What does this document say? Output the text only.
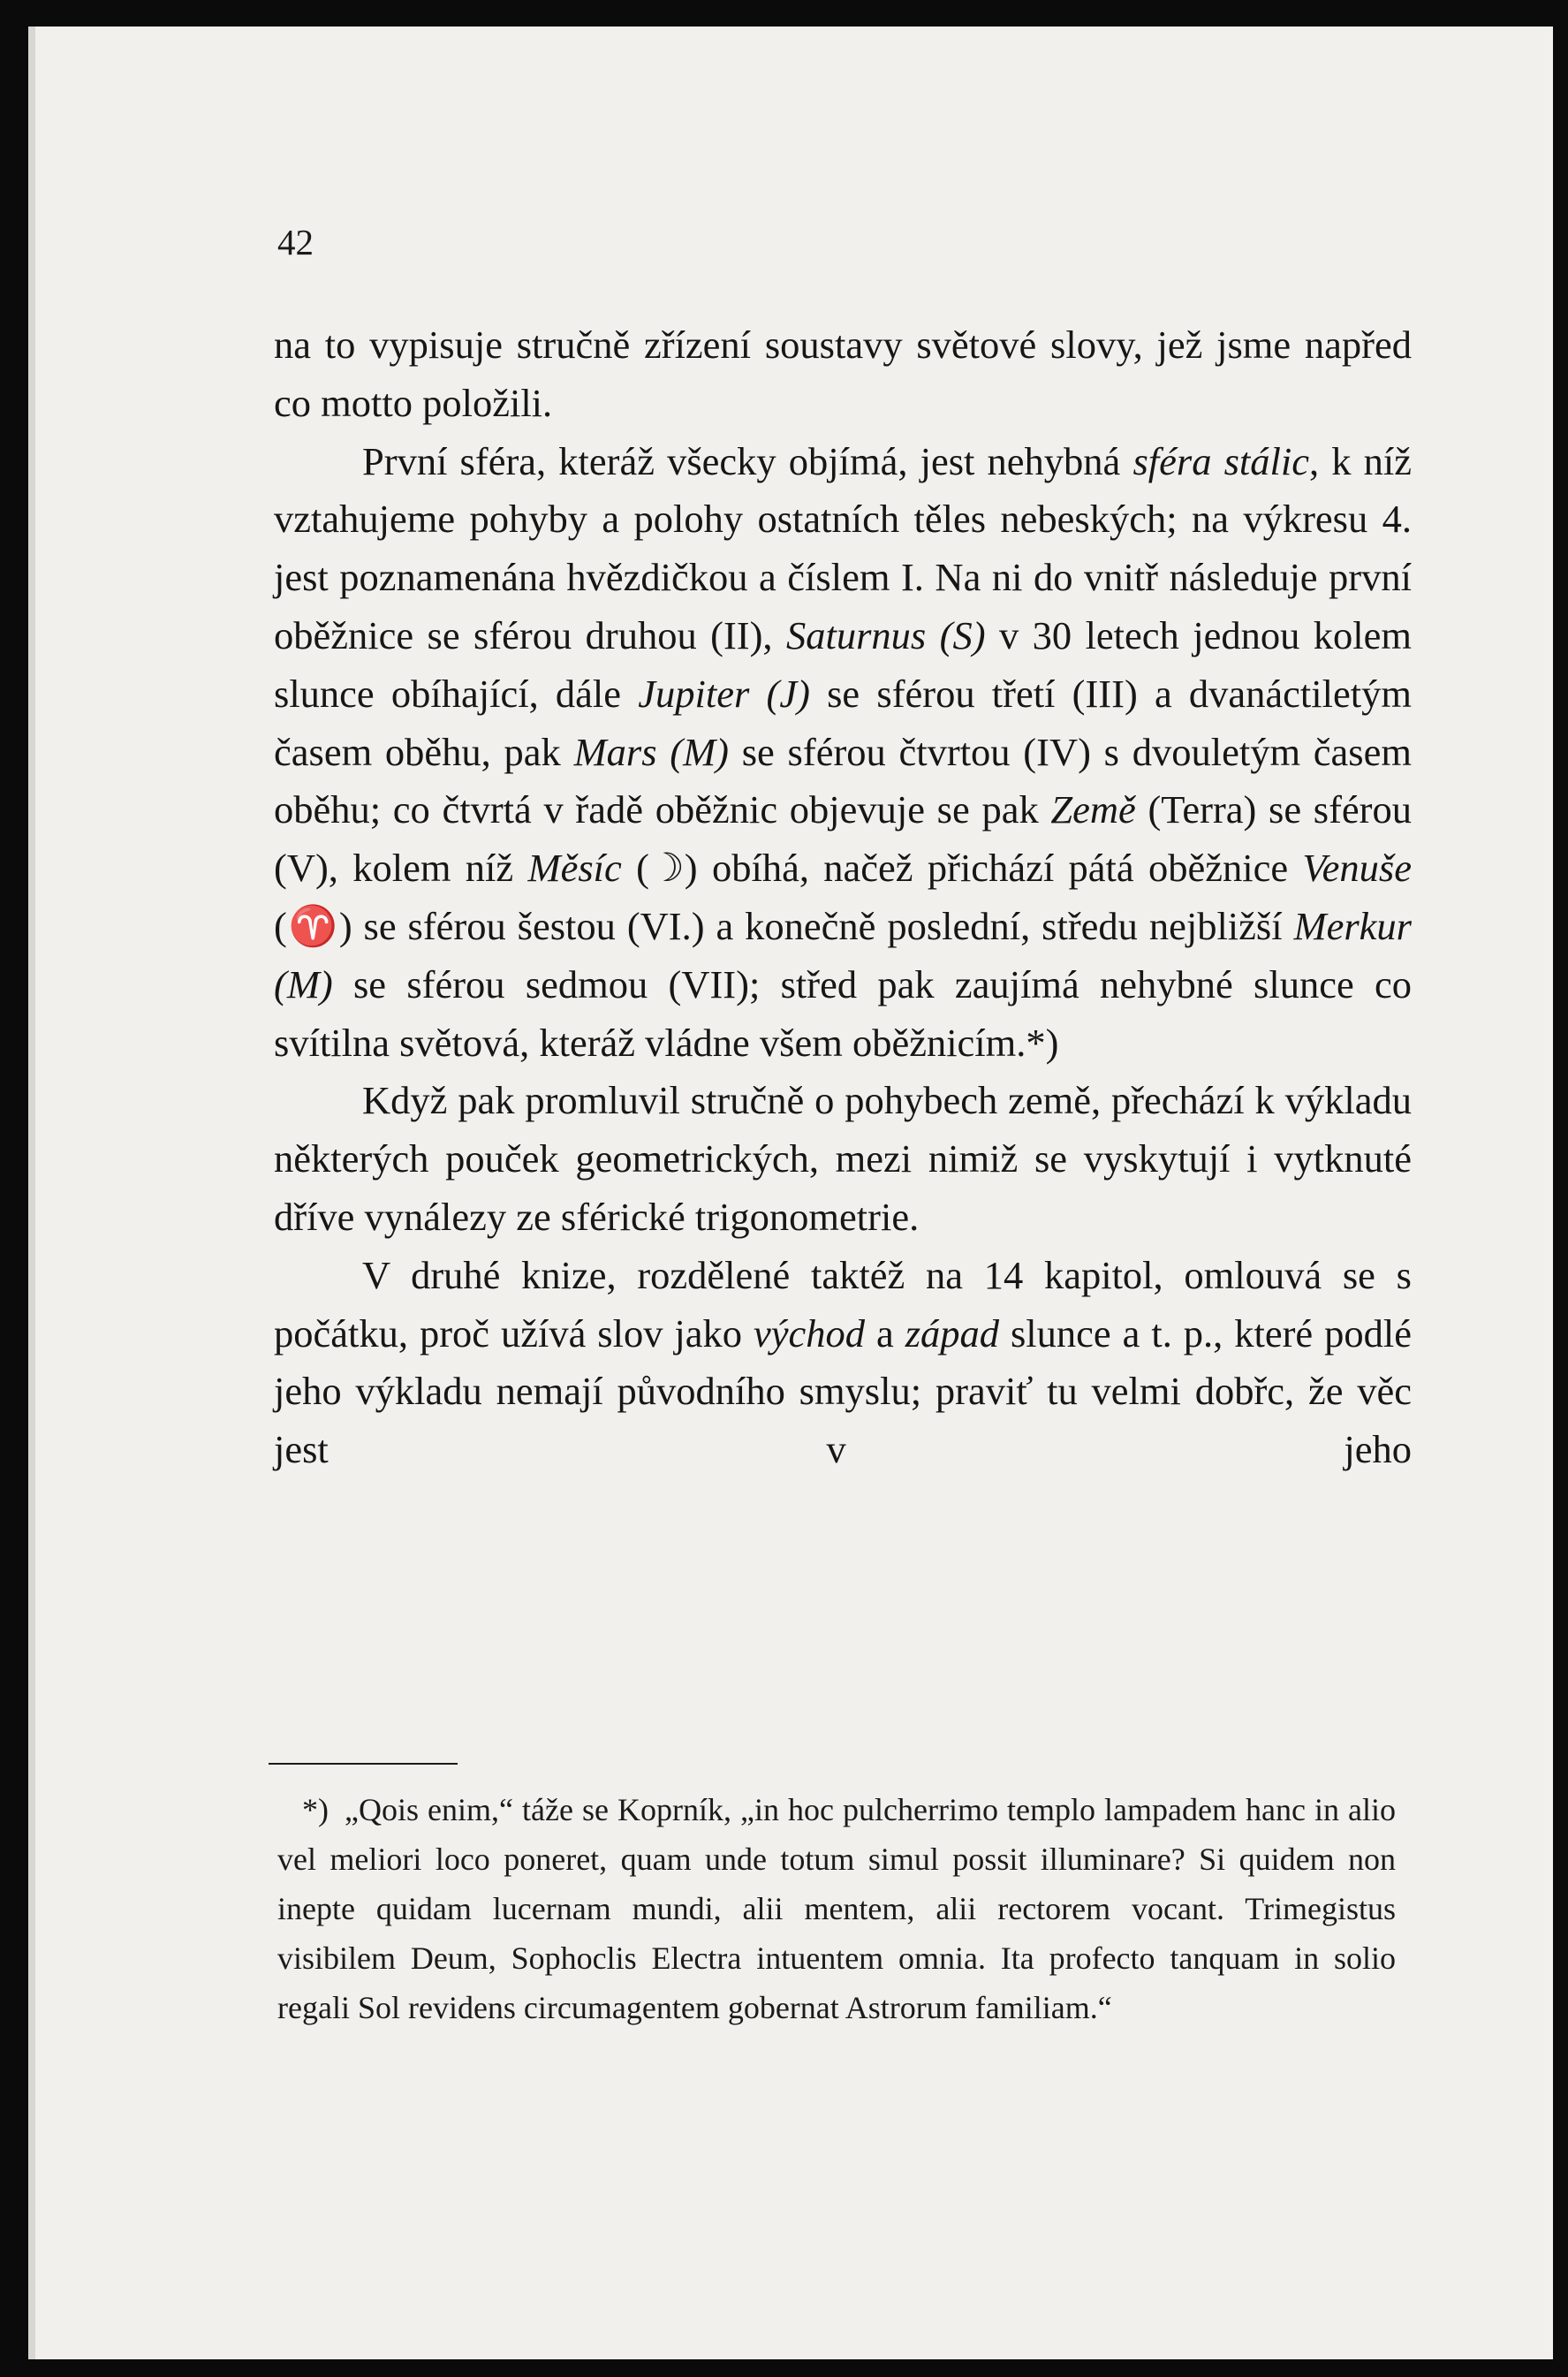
42

na to vypisuje stručně zřízení soustavy světové slovy, jež jsme napřed co motto položili.

První sféra, kteráž všecky objímá, jest nehybná sféra stálic, k níž vztahujeme pohyby a polohy ostatních těles nebeských; na výkresu 4. jest poznamenána hvězdičkou a číslem I. Na ni do vnitř následuje první oběžnice se sférou druhou (II), Saturnus (S) v 30 letech jednou kolem slunce obíhající, dále Jupiter (J) se sférou třetí (III) a dvanáctiletým časem oběhu, pak Mars (M) se sférou čtvrtou (IV) s dvouletým časem oběhu; co čtvrtá v řadě oběžnic objevuje se pak Země (Terra) se sférou (V), kolem níž Měsíc (☽) obíhá, načež přichází pátá oběžnice Venuše (♈) se sférou šestou (VI.) a konečně poslední, středu nejbližší Merkur (M) se sférou sedmou (VII); střed pak zaujímá nehybné slunce co svítilna světová, kteráž vládne všem oběžnicím.*)

Když pak promluvil stručně o pohybech země, přechází k výkladu některých pouček geometrických, mezi nimiž se vyskytují i vytknuté dříve vynálezy ze sférické trigonometrie.

V druhé knize, rozdělené taktéž na 14 kapitol, omlouvá se s počátku, proč užívá slov jako východ a západ slunce a t. p., které podlé jeho výkladu nemají původního smyslu; praviť tu velmi dobřc, že věc jest v jeho

*) „Qois enim,“ táže se Koprník, „in hoc pulcherrimo templo lampadem hanc in alio vel meliori loco poneret, quam unde totum simul possit illuminare? Si quidem non inepte quidam lucernam mundi, alii mentem, alii rectorem vocant. Trimegistus visibilem Deum, Sophoclis Electra intuentem omnia. Ita profecto tanquam in solio regali Sol revidens circumagentem gobernat Astrorum familiam.“
